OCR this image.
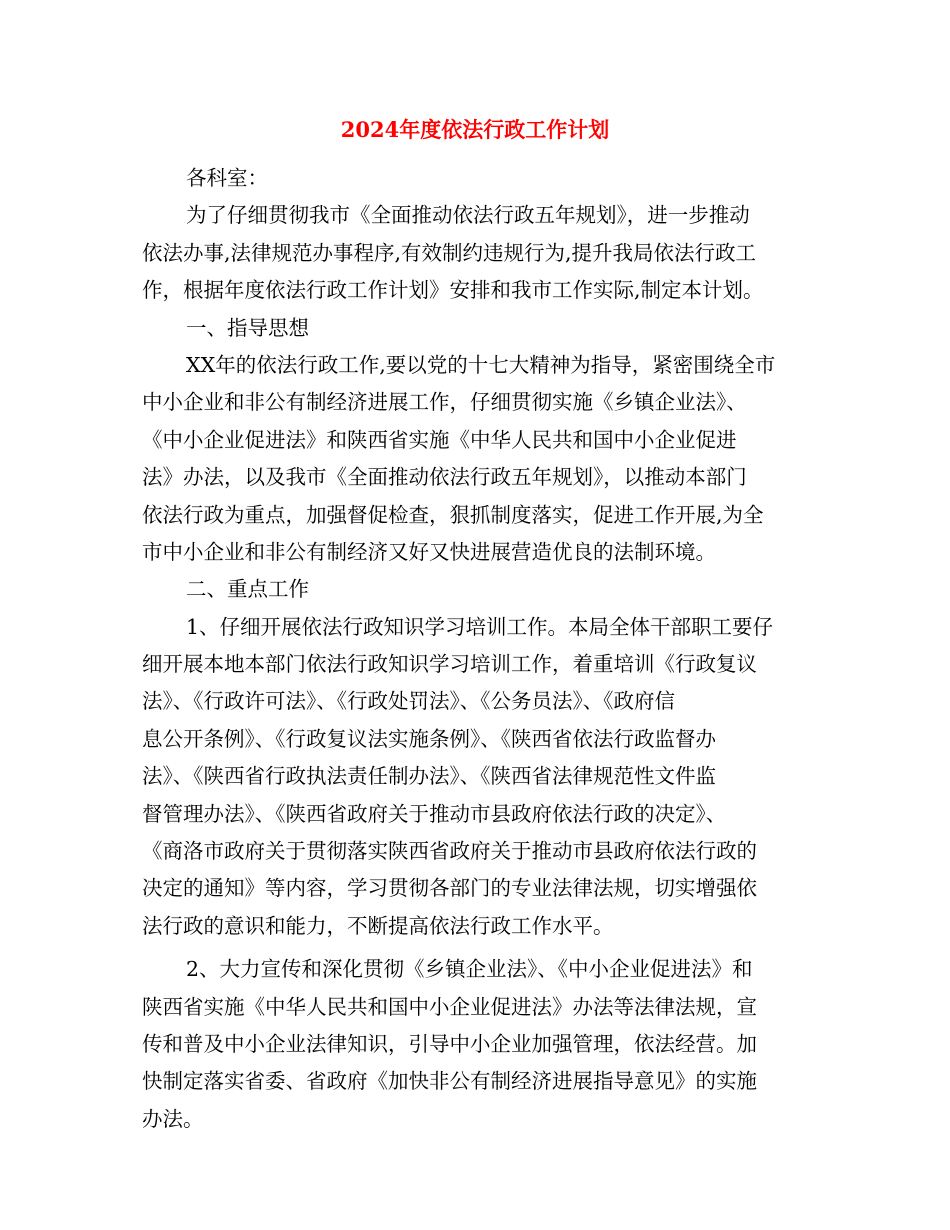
2024年度依法行政工作计划
各科室：
为了仔细贯彻我市《全面推动依法行政五年规划》，进一步推动
依法办事,法律规范办事程序,有效制约违规行为,提升我局依法行政工
作，根据年度依法行政工作计划》安排和我市工作实际,制定本计划。
一、指导思想
XX年的依法行政工作,要以党的十七大精神为指导，紧密围绕全市
中小企业和非公有制经济进展工作，仔细贯彻实施《乡镇企业法》、
《中小企业促进法》和陕西省实施《中华人民共和国中小企业促进
法》办法，以及我市《全面推动依法行政五年规划》，以推动本部门
依法行政为重点，加强督促检查，狠抓制度落实，促进工作开展,为全
市中小企业和非公有制经济又好又快进展营造优良的法制环境。
二、重点工作
1、仔细开展依法行政知识学习培训工作。本局全体干部职工要仔
细开展本地本部门依法行政知识学习培训工作，着重培训《行政复议
法》、《行政许可法》、《行政处罚法》、《公务员法》、《政府信
息公开条例》、《行政复议法实施条例》、《陕西省依法行政监督办
法》、《陕西省行政执法责任制办法》、《陕西省法律规范性文件监
督管理办法》、《陕西省政府关于推动市县政府依法行政的决定》、
《商洛市政府关于贯彻落实陕西省政府关于推动市县政府依法行政的
决定的通知》等内容，学习贯彻各部门的专业法律法规，切实增强依
法行政的意识和能力，不断提高依法行政工作水平。
2、大力宣传和深化贯彻《乡镇企业法》、《中小企业促进法》和
陕西省实施《中华人民共和国中小企业促进法》办法等法律法规，宣
传和普及中小企业法律知识，引导中小企业加强管理，依法经营。加
快制定落实省委、省政府《加快非公有制经济进展指导意见》的实施
办法。
